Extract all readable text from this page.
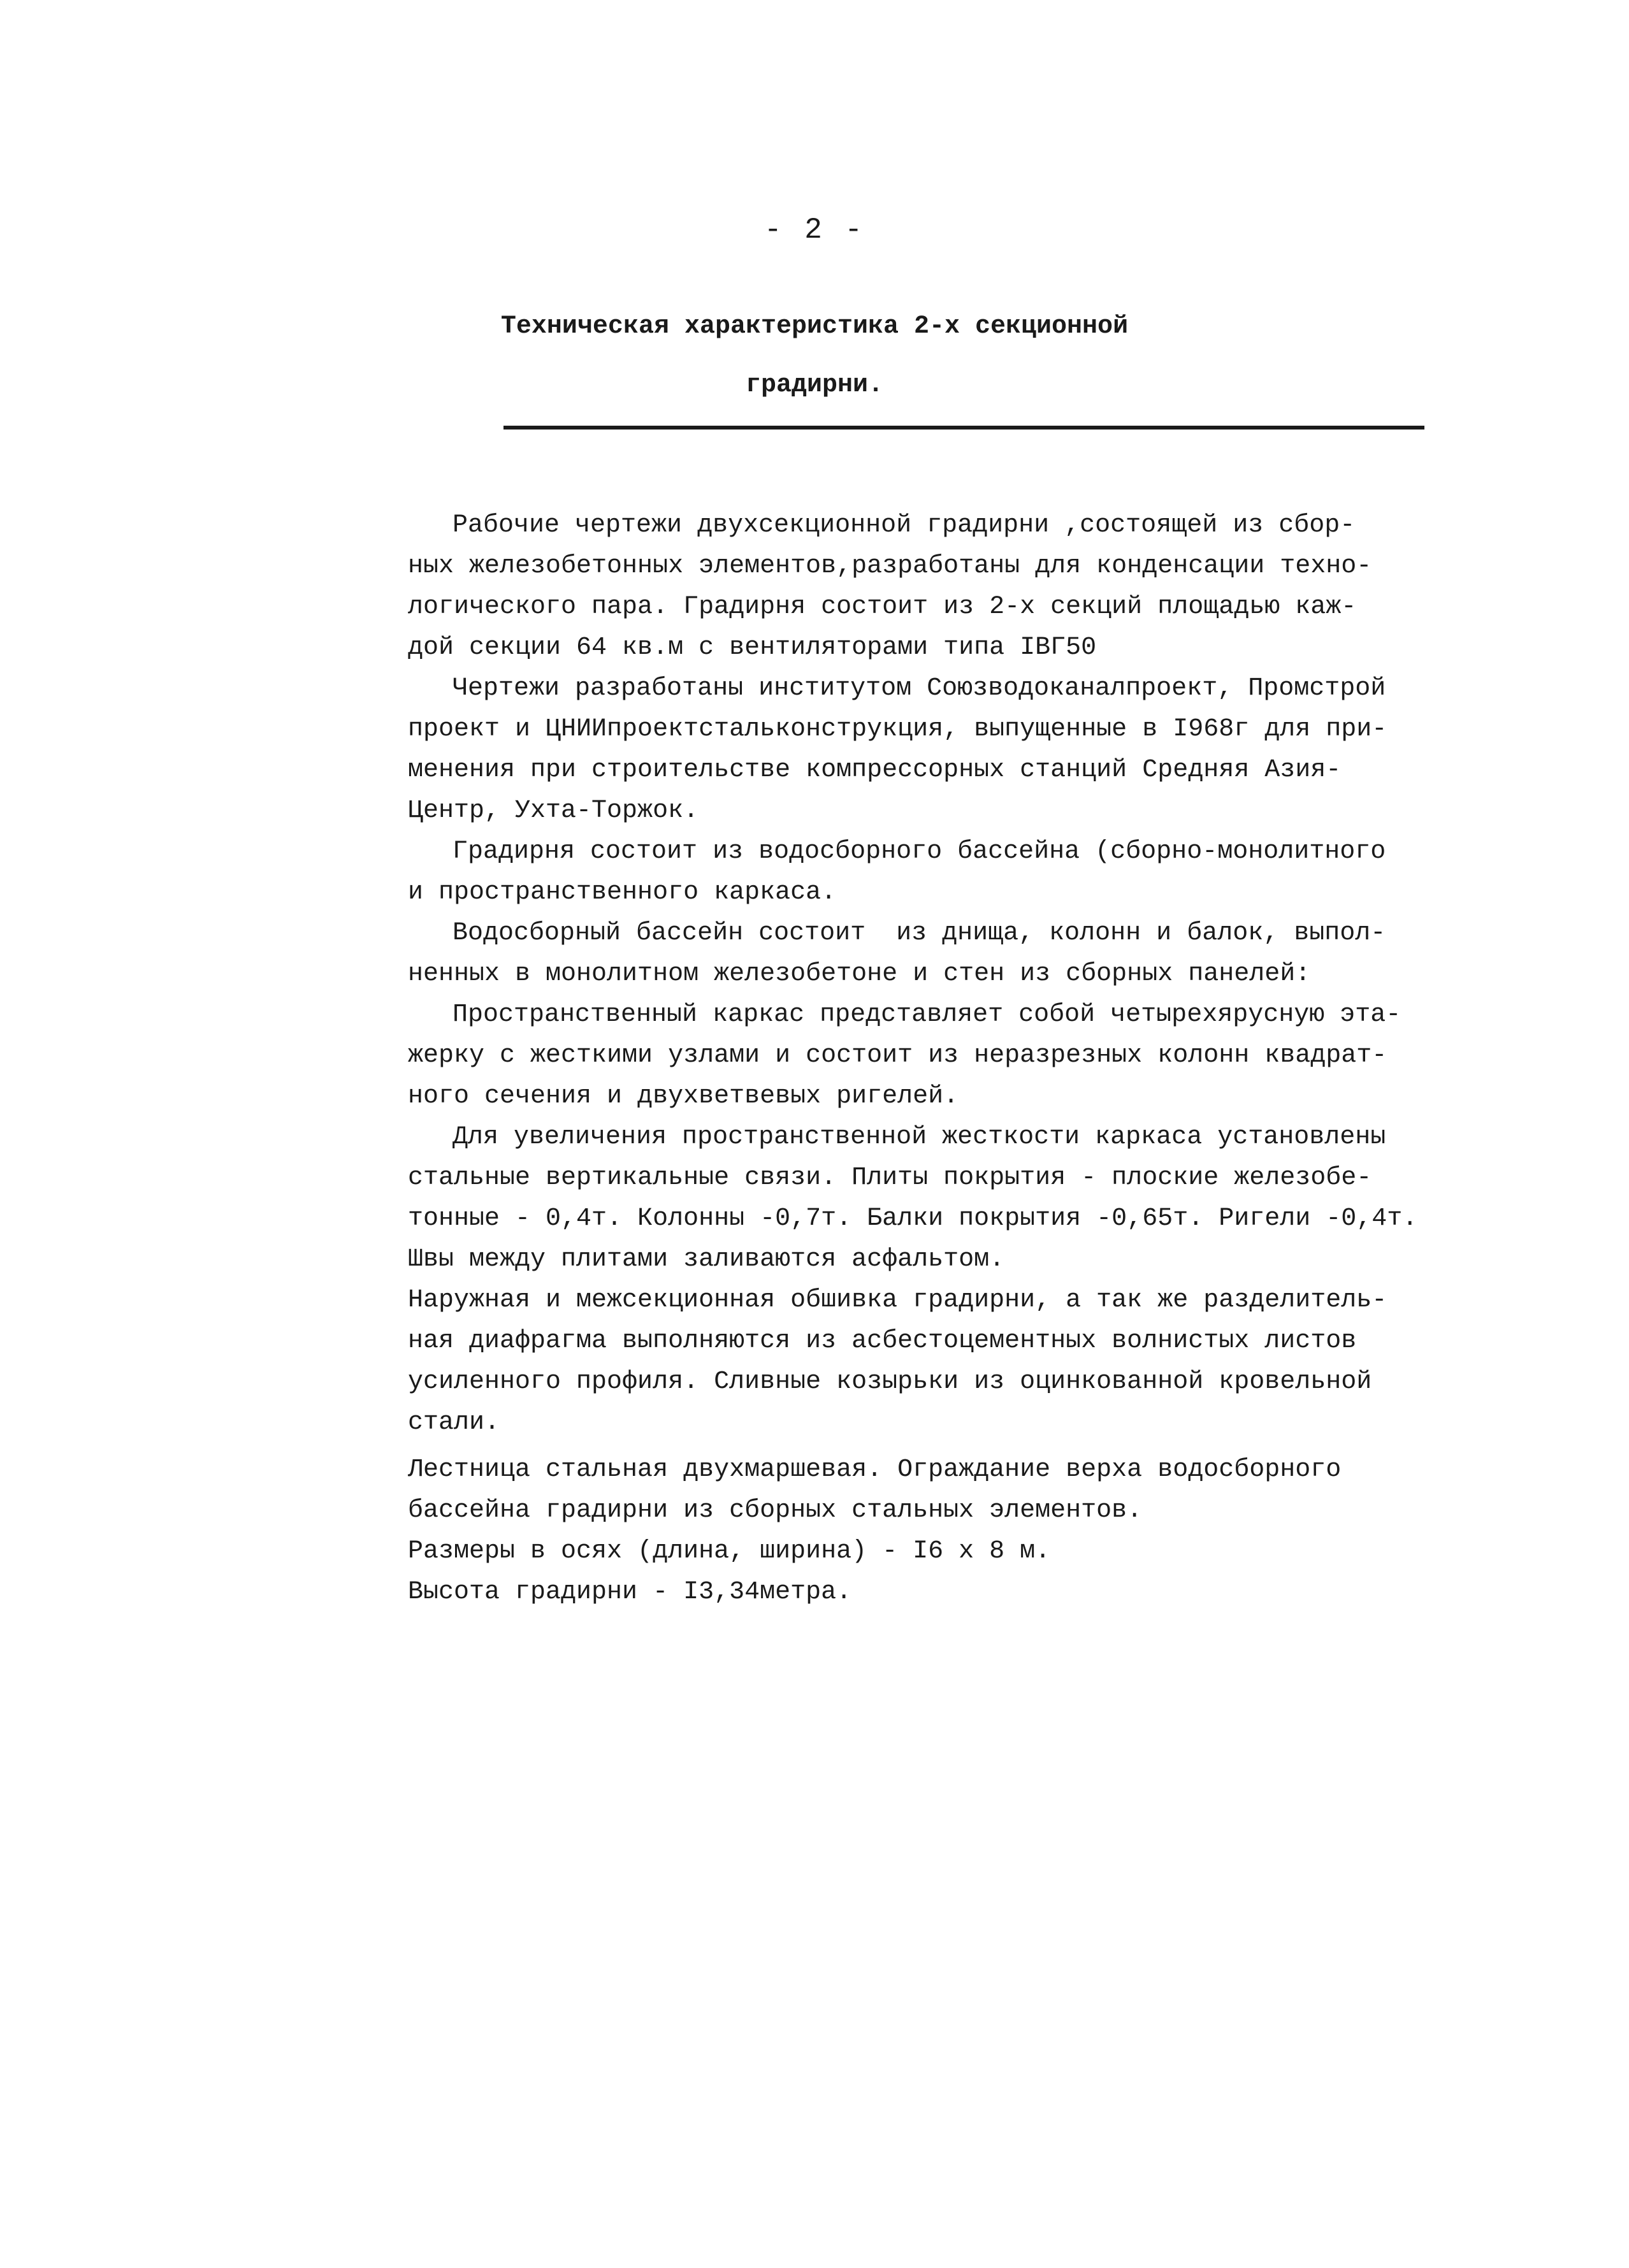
- 2 -
Техническая характеристика 2-х секционной
градирни.
Рабочие чертежи двухсекционной градирни ,состоящей из сбор-
ных железобетонных элементов,разработаны для конденсации техно-
логического пара. Градирня состоит из 2-х секций площадью каж-
дой секции 64 кв.м с вентиляторами типа IВГ50
Чертежи разработаны институтом Союзводоканалпроект, Промстрой
проект и ЦНИИпроектстальконструкция, выпущенные в I968г для при-
менения при строительстве компрессорных станций Средняя Азия-
Центр, Ухта-Торжок.
Градирня состоит из водосборного бассейна (сборно-монолитного
и пространственного каркаса.
Водосборный бассейн состоит  из днища, колонн и балок, выпол-
ненных в монолитном железобетоне и стен из сборных панелей:
Пространственный каркас представляет собой четырехярусную эта-
жерку с жесткими узлами и состоит из неразрезных колонн квадрат-
ного сечения и двухветвевых ригелей.
Для увеличения пространственной жесткости каркаса установлены
стальные вертикальные связи. Плиты покрытия - плоские железобе-
тонные - 0,4т. Колонны -0,7т. Балки покрытия -0,65т. Ригели -0,4т.
Швы между плитами заливаются асфальтом.
Наружная и межсекционная обшивка градирни, а так же разделитель-
ная диафрагма выполняются из асбестоцементных волнистых листов
усиленного профиля. Сливные козырьки из оцинкованной кровельной
стали.
Лестница стальная двухмаршевая. Ограждание верха водосборного
бассейна градирни из сборных стальных элементов.
Размеры в осях (длина, ширина) - I6 х 8 м.
Высота градирни - I3,34метра.
